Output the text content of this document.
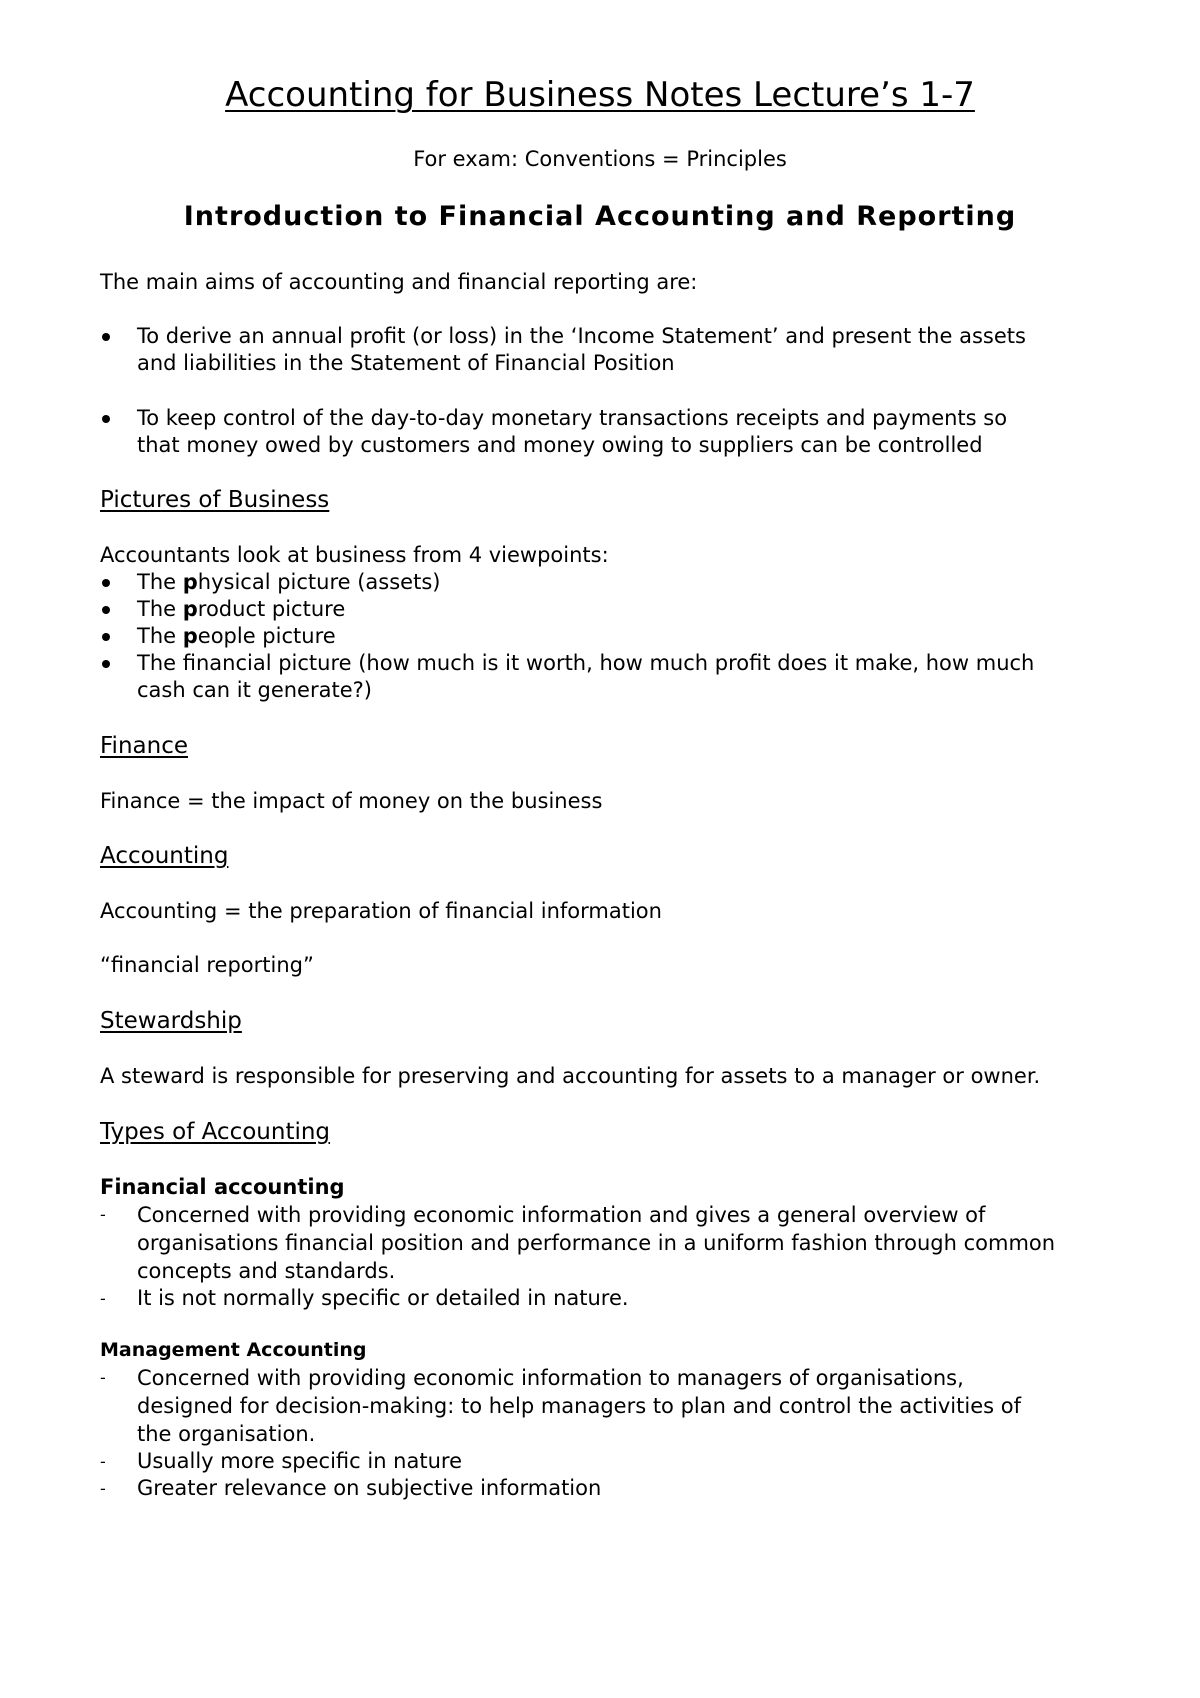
Accounting for Business Notes Lecture’s 1-7
For exam: Conventions = Principles
Introduction to Financial Accounting and Reporting
The main aims of accounting and financial reporting are:
To derive an annual profit (or loss) in the ‘Income Statement’ and present the assets
and liabilities in the Statement of Financial Position
To keep control of the day-to-day monetary transactions receipts and payments so
that money owed by customers and money owing to suppliers can be controlled
Pictures of Business
Accountants look at business from 4 viewpoints:
The physical picture (assets)
The product picture
The people picture
The financial picture (how much is it worth, how much profit does it make, how much
cash can it generate?)
Finance
Finance = the impact of money on the business
Accounting
Accounting = the preparation of financial information
“financial reporting”
Stewardship
A steward is responsible for preserving and accounting for assets to a manager or owner.
Types of Accounting
Financial accounting
-	Concerned with providing economic information and gives a general overview of
organisations financial position and performance in a uniform fashion through common
concepts and standards.
-	It is not normally specific or detailed in nature.
Management Accounting
-	Concerned with providing economic information to managers of organisations,
designed for decision-making: to help managers to plan and control the activities of
the organisation.
-	Usually more specific in nature
-	Greater relevance on subjective information
